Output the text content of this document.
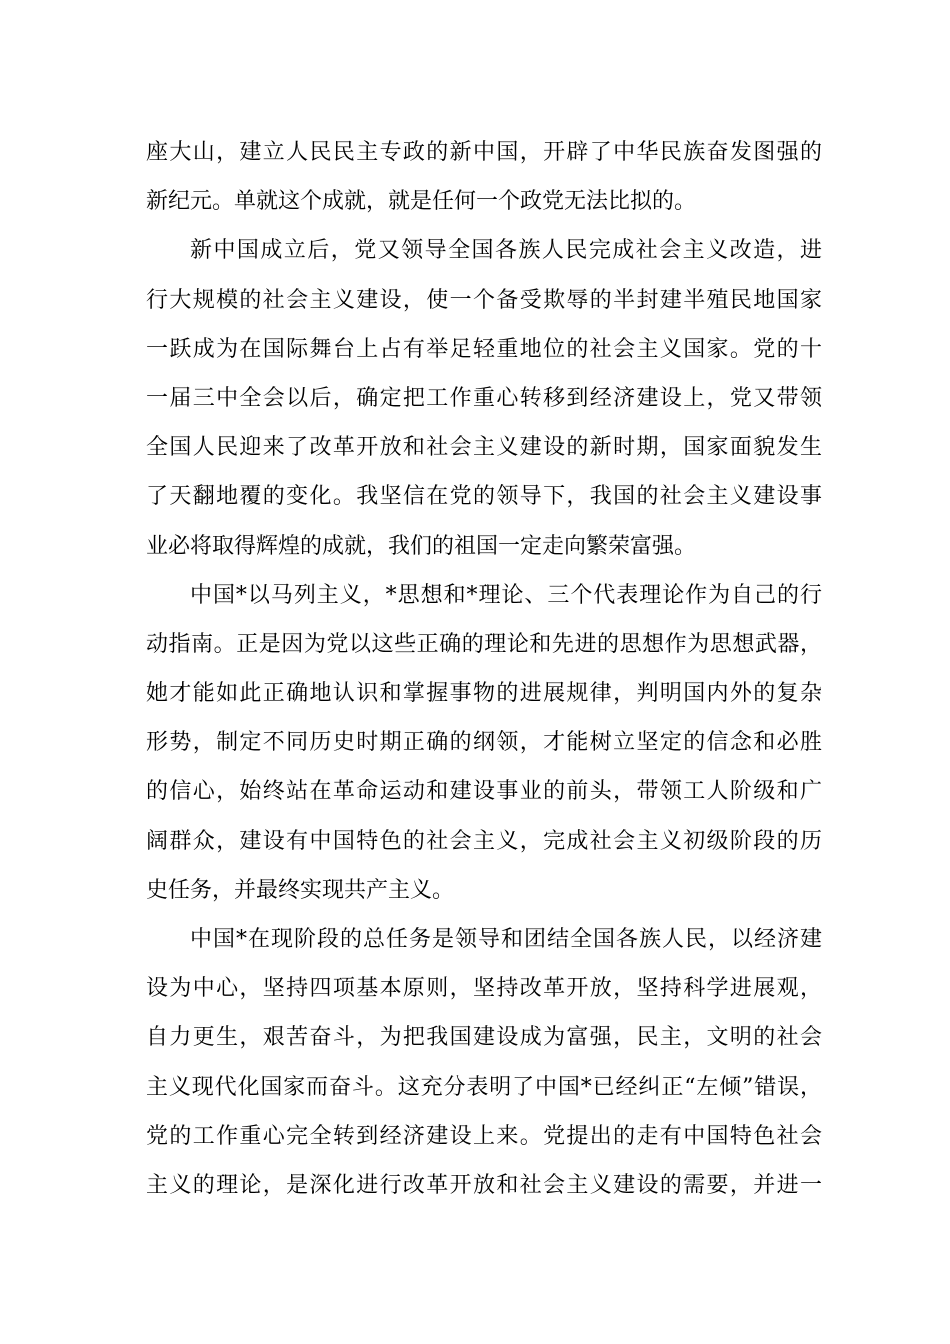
座大山，建立人民民主专政的新中国，开辟了中华民族奋发图强的
新纪元。单就这个成就，就是任何一个政党无法比拟的。
新中国成立后，党又领导全国各族人民完成社会主义改造，进
行大规模的社会主义建设，使一个备受欺辱的半封建半殖民地国家
一跃成为在国际舞台上占有举足轻重地位的社会主义国家。党的十
一届三中全会以后，确定把工作重心转移到经济建设上，党又带领
全国人民迎来了改革开放和社会主义建设的新时期，国家面貌发生
了天翻地覆的变化。我坚信在党的领导下，我国的社会主义建设事
业必将取得辉煌的成就，我们的祖国一定走向繁荣富强。
中国*以马列主义，*思想和*理论、三个代表理论作为自己的行
动指南。正是因为党以这些正确的理论和先进的思想作为思想武器，
她才能如此正确地认识和掌握事物的进展规律，判明国内外的复杂
形势，制定不同历史时期正确的纲领，才能树立坚定的信念和必胜
的信心，始终站在革命运动和建设事业的前头，带领工人阶级和广
阔群众，建设有中国特色的社会主义，完成社会主义初级阶段的历
史任务，并最终实现共产主义。
中国*在现阶段的总任务是领导和团结全国各族人民，以经济建
设为中心，坚持四项基本原则，坚持改革开放，坚持科学进展观，
自力更生，艰苦奋斗，为把我国建设成为富强，民主，文明的社会
主义现代化国家而奋斗。这充分表明了中国*已经纠正“左倾”错误，
党的工作重心完全转到经济建设上来。党提出的走有中国特色社会
主义的理论，是深化进行改革开放和社会主义建设的需要，并进一
